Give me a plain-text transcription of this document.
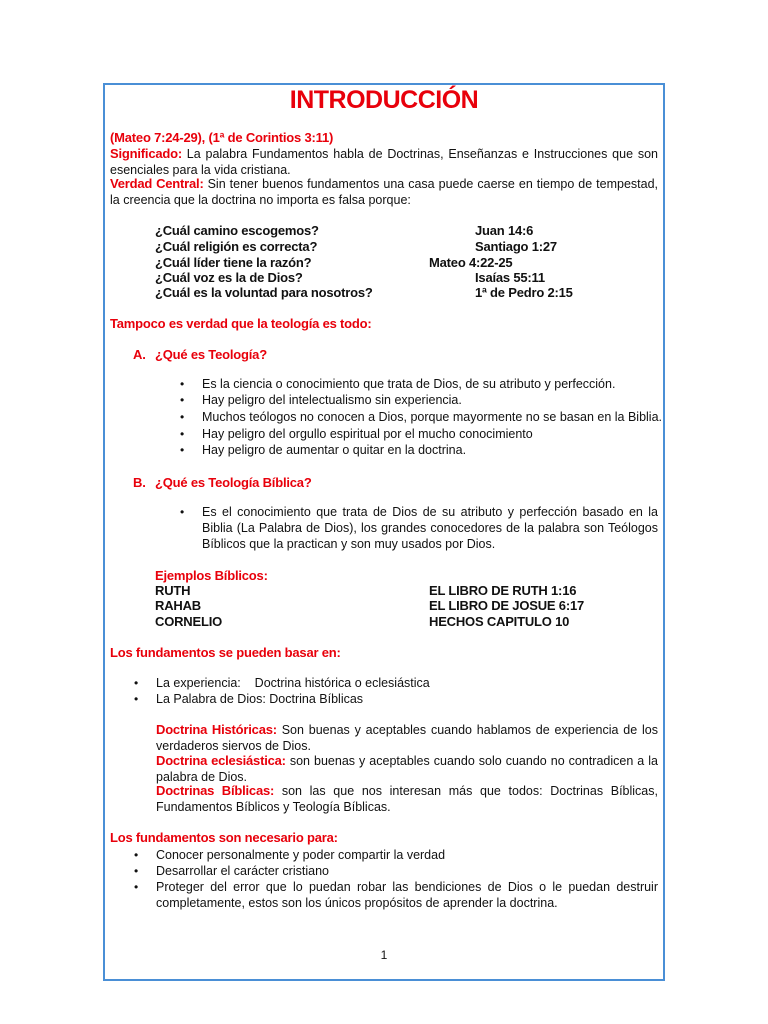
INTRODUCCIÓN
(Mateo 7:24-29), (1ª de Corintios 3:11)
Significado: La palabra Fundamentos habla de Doctrinas, Enseñanzas e Instrucciones que son esenciales para la vida cristiana.
Verdad Central: Sin tener buenos fundamentos una casa puede caerse en tiempo de tempestad, la creencia que la doctrina no importa es falsa porque:
¿Cuál camino escogemos?	Juan 14:6
¿Cuál religión es correcta?	Santiago 1:27
¿Cuál líder tiene la razón?	Mateo 4:22-25
¿Cuál voz es la de Dios?	Isaías 55:11
¿Cuál es la voluntad para nosotros?	1ª de Pedro 2:15
Tampoco es verdad que la teología es todo:
A. ¿Qué es Teología?
• Es la ciencia o conocimiento que trata de Dios, de su atributo y perfección.
• Hay peligro del intelectualismo sin experiencia.
• Muchos teólogos no conocen a Dios, porque mayormente no se basan en la Biblia.
• Hay peligro del orgullo espiritual por el mucho conocimiento
• Hay peligro de aumentar o quitar en la doctrina.
B. ¿Qué es Teología Bíblica?
• Es el conocimiento que trata de Dios de su atributo y perfección basado en la Biblia (La Palabra de Dios), los grandes conocedores de la palabra son Teólogos Bíblicos que la practican y son muy usados por Dios.
Ejemplos Bíblicos:
RUTH	EL LIBRO DE RUTH 1:16
RAHAB	EL LIBRO DE JOSUE 6:17
CORNELIO	HECHOS CAPITULO 10
Los fundamentos se pueden basar en:
• La experiencia:    Doctrina histórica o eclesiástica
• La Palabra de Dios: Doctrina Bíblicas
Doctrina Históricas: Son buenas y aceptables cuando hablamos de experiencia de los verdaderos siervos de Dios.
Doctrina eclesiástica: son buenas y aceptables cuando solo cuando no contradicen a la palabra de Dios.
Doctrinas Bíblicas: son las que nos interesan más que todos: Doctrinas Bíblicas, Fundamentos Bíblicos y Teología Bíblicas.
Los fundamentos son necesario para:
• Conocer personalmente y poder compartir la verdad
• Desarrollar el carácter cristiano
• Proteger del error que lo puedan robar las bendiciones de Dios o le puedan destruir completamente, estos son los únicos propósitos de aprender la doctrina.
1
